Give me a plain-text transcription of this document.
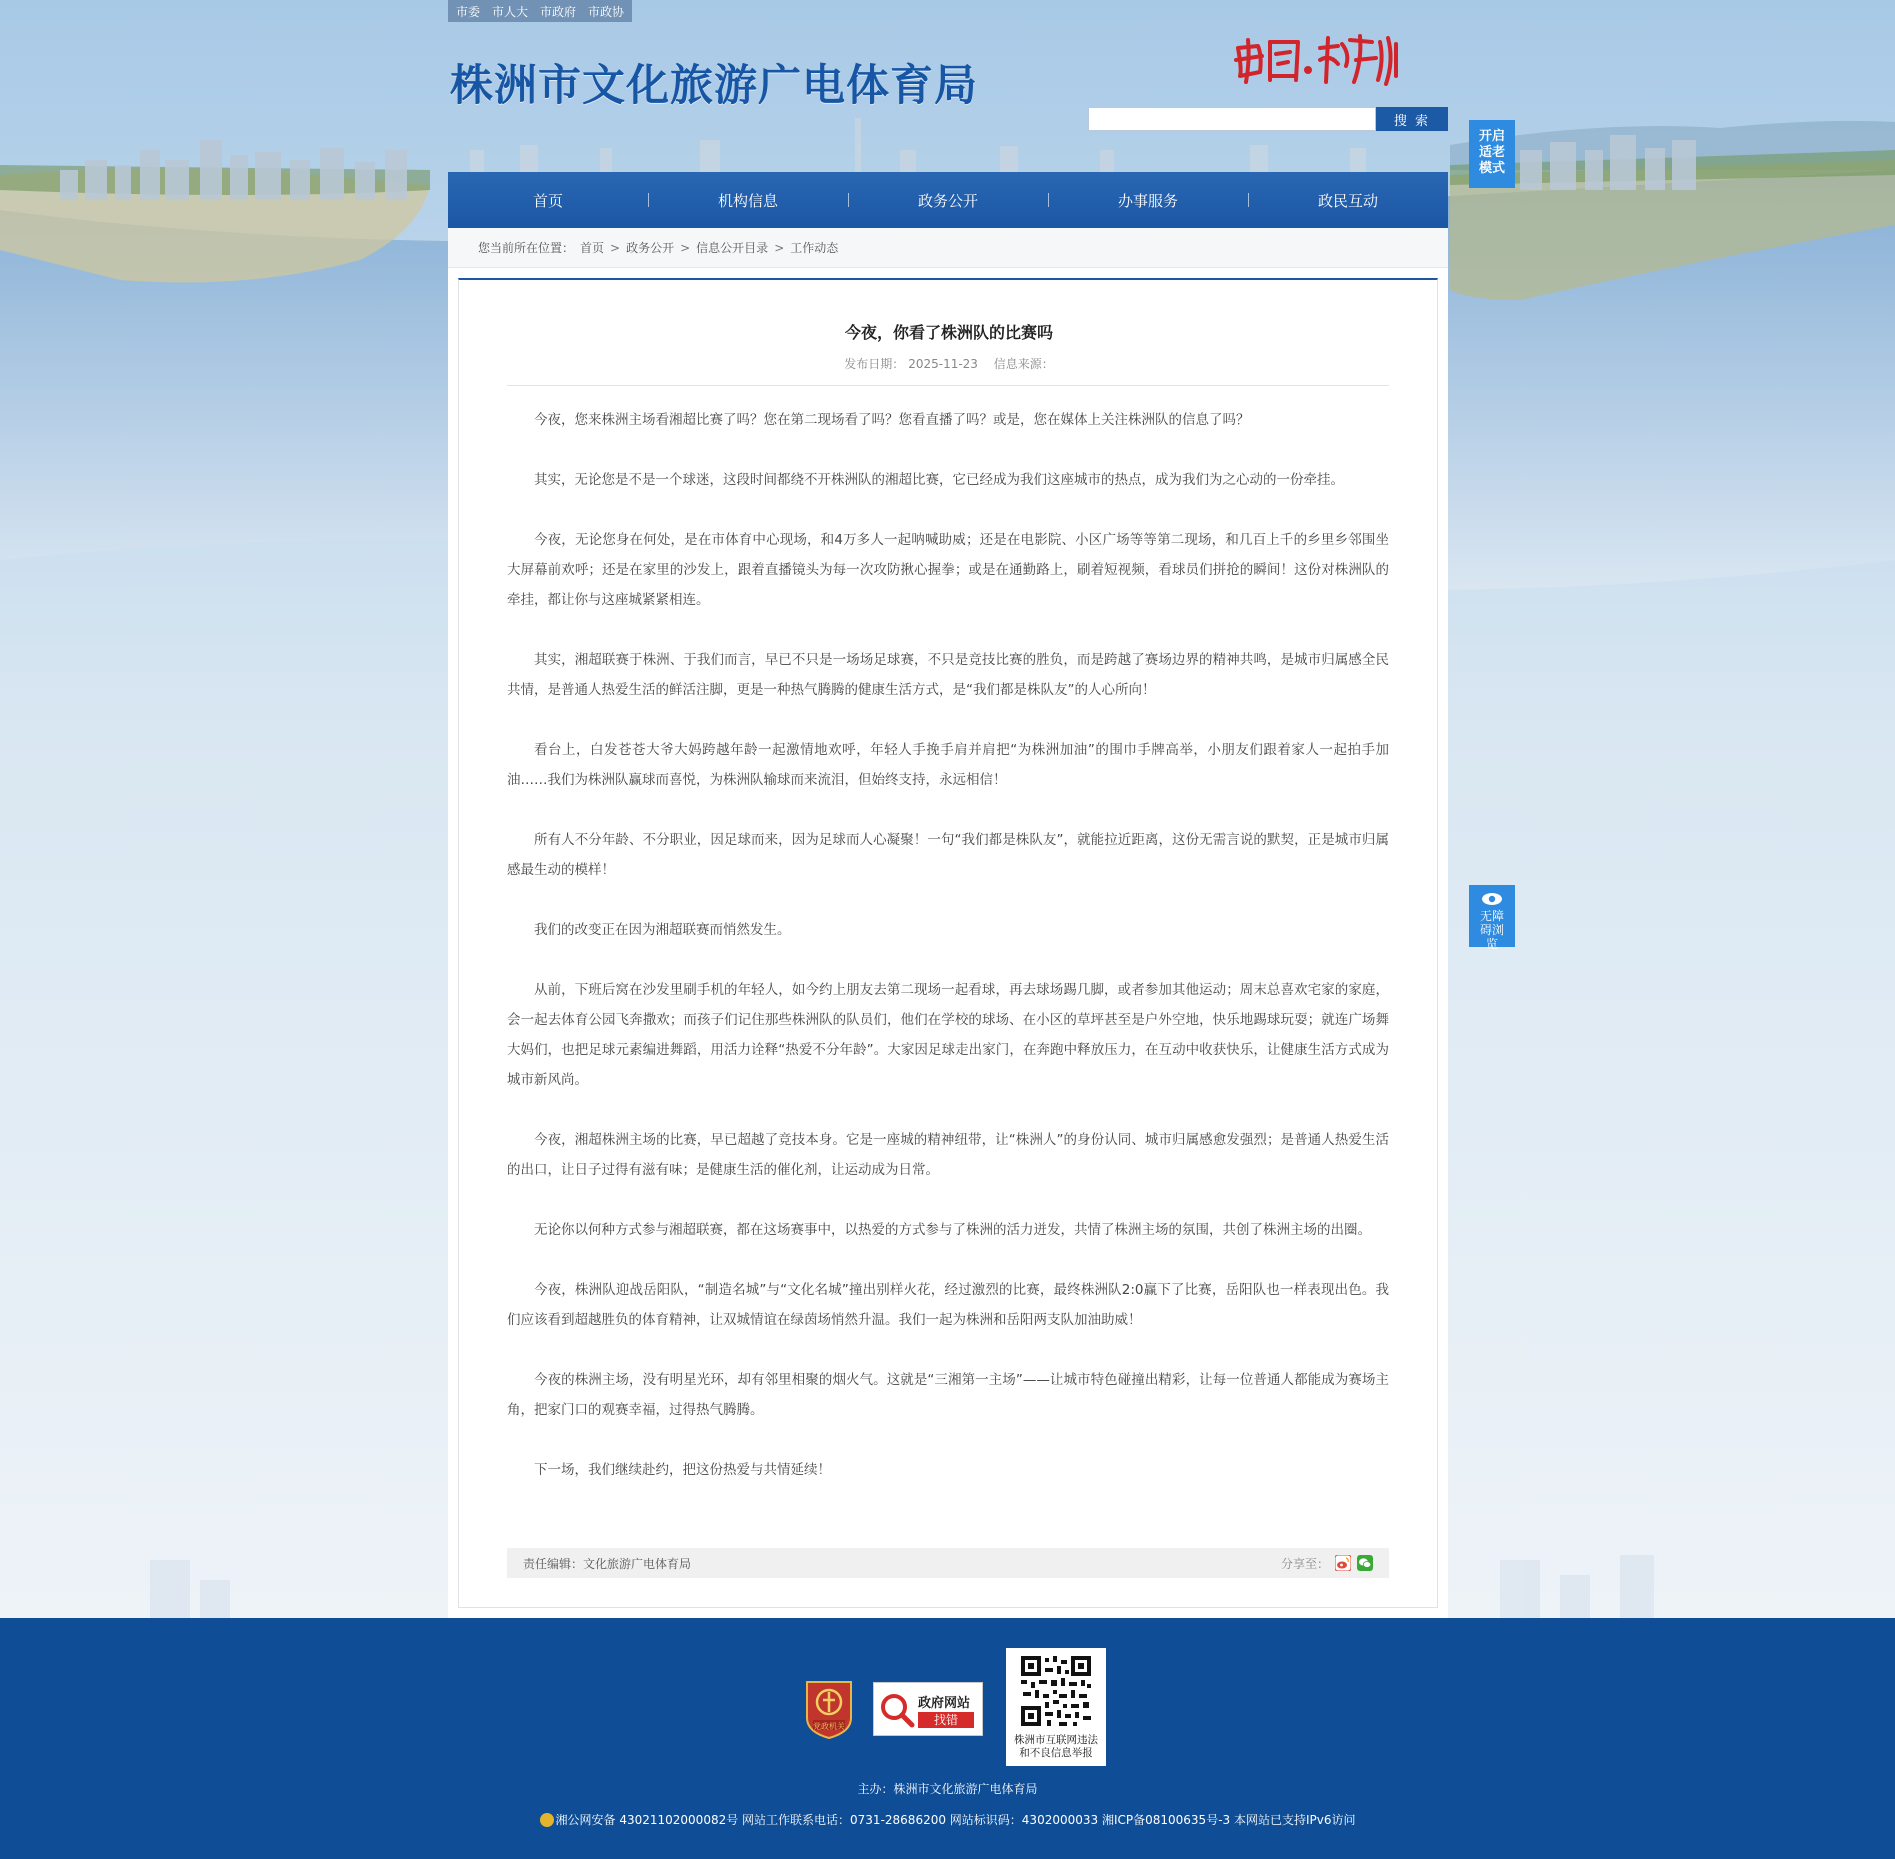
市委 市人大 市政府 市政协
株洲市文化旅游广电体育局
搜 索
开启适老模式
无障碍浏览
首页	机构信息	政务公开	办事服务	政民互动
您当前所在位置： 首页 > 政务公开 > 信息公开目录 > 工作动态
今夜，你看了株洲队的比赛吗
发布日期： 2025-11-23 信息来源：

今夜，您来株洲主场看湘超比赛了吗？您在第二现场看了吗？您看直播了吗？或是，您在媒体上关注株洲队的信息了吗？

其实，无论您是不是一个球迷，这段时间都绕不开株洲队的湘超比赛，它已经成为我们这座城市的热点，成为我们为之心动的一份牵挂。

今夜，无论您身在何处，是在市体育中心现场，和4万多人一起呐喊助威；还是在电影院、小区广场等等第二现场，和几百上千的乡里乡邻围坐大屏幕前欢呼；还是在家里的沙发上，跟着直播镜头为每一次攻防揪心握拳；或是在通勤路上，刷着短视频，看球员们拼抢的瞬间！这份对株洲队的牵挂，都让你与这座城紧紧相连。

其实，湘超联赛于株洲、于我们而言，早已不只是一场场足球赛，不只是竞技比赛的胜负，而是跨越了赛场边界的精神共鸣，是城市归属感全民共情，是普通人热爱生活的鲜活注脚，更是一种热气腾腾的健康生活方式，是“我们都是株队友”的人心所向！

看台上，白发苍苍大爷大妈跨越年龄一起激情地欢呼，年轻人手挽手肩并肩把“为株洲加油”的围巾手牌高举，小朋友们跟着家人一起拍手加油……我们为株洲队赢球而喜悦，为株洲队输球而来流泪，但始终支持，永远相信！

所有人不分年龄、不分职业，因足球而来，因为足球而人心凝聚！一句“我们都是株队友”，就能拉近距离，这份无需言说的默契，正是城市归属感最生动的模样！

我们的改变正在因为湘超联赛而悄然发生。

从前，下班后窝在沙发里刷手机的年轻人，如今约上朋友去第二现场一起看球，再去球场踢几脚，或者参加其他运动；周末总喜欢宅家的家庭，会一起去体育公园飞奔撒欢；而孩子们记住那些株洲队的队员们，他们在学校的球场、在小区的草坪甚至是户外空地，快乐地踢球玩耍；就连广场舞大妈们，也把足球元素编进舞蹈，用活力诠释“热爱不分年龄”。大家因足球走出家门，在奔跑中释放压力，在互动中收获快乐，让健康生活方式成为城市新风尚。

今夜，湘超株洲主场的比赛，早已超越了竞技本身。它是一座城的精神纽带，让“株洲人”的身份认同、城市归属感愈发强烈；是普通人热爱生活的出口，让日子过得有滋有味；是健康生活的催化剂，让运动成为日常。

无论你以何种方式参与湘超联赛，都在这场赛事中，以热爱的方式参与了株洲的活力迸发，共情了株洲主场的氛围，共创了株洲主场的出圈。

今夜，株洲队迎战岳阳队，“制造名城”与“文化名城”撞出别样火花，经过激烈的比赛，最终株洲队2:0赢下了比赛，岳阳队也一样表现出色。我们应该看到超越胜负的体育精神，让双城情谊在绿茵场悄然升温。我们一起为株洲和岳阳两支队加油助威！

今夜的株洲主场，没有明星光环，却有邻里相聚的烟火气。这就是“三湘第一主场”——让城市特色碰撞出精彩，让每一位普通人都能成为赛场主角，把家门口的观赛幸福，过得热气腾腾。

下一场，我们继续赴约，把这份热爱与共情延续！

责任编辑：文化旅游广电体育局	分享至：
党政机关
政府网站
找错
株洲市互联网违法和不良信息举报
主办：株洲市文化旅游广电体育局
湘公网安备 43021102000082号 网站工作联系电话：0731-28686200 网站标识码：4302000033 湘ICP备08100635号-3 本网站已支持IPv6访问
